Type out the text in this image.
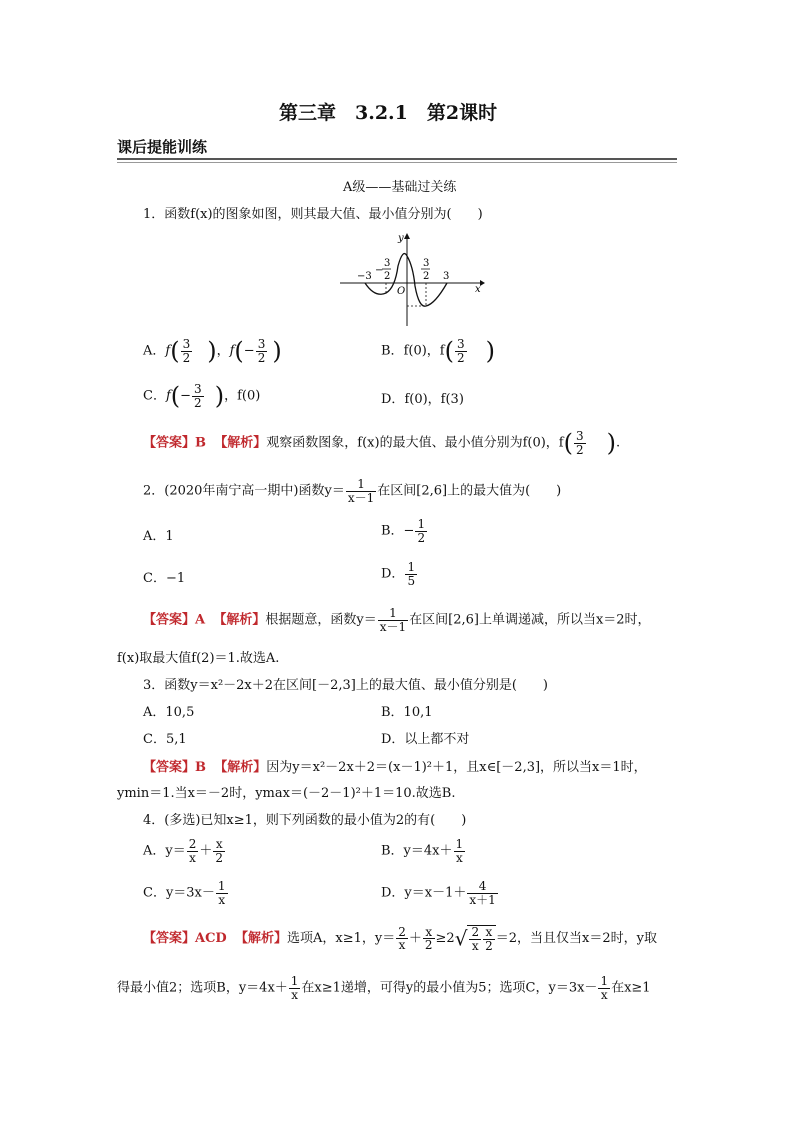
第三章　3.2.1　第2课时
课后提能训练
A级——基础过关练
1．函数f(x)的图象如图，则其最大值、最小值分别为(　　)
y
x
O
−3	3
−
3
2
3
2
A．$f( \frac{3}{2}$ )，$f(- \frac{3}{2}$ )	B．f(0)，$f( \frac{3}{2}$ )
C．$f(- \frac{3}{2}$ )，f(0)	D．f(0)，f(3)
【答案】B 【解析】观察函数图象，f(x)的最大值、最小值分别为f(0)，$f( \frac{3}{2}$ ).
2．(2020年南宁高一期中)函数$y= \frac{1}{x-1}$ 在区间[2,6]上的最大值为(　　)
A．1	B．− $\frac{1}{2}$
C．−1	D． $\frac{1}{5}$
【答案】A 【解析】根据题意，函数$y= \frac{1}{x-1}$ 在区间[2,6]上单调递减，所以当x＝2时，
f(x)取最大值f(2)＝1.故选A.
3．函数y＝x²－2x＋2在区间[－2,3]上的最大值、最小值分别是(　　)
A．10,5	B．10,1
C．5,1	D．以上都不对
【答案】B 【解析】因为y＝x²－2x＋2＝(x－1)²＋1，且x∈[－2,3]，所以当x＝1时，
ymin＝1.当x＝－2时，ymax＝(－2－1)²＋1＝10.故选B.
4．(多选)已知x≥1，则下列函数的最小值为2的有(　　)
A．$y= \frac{2}{x} + \frac{x}{2}$	B．$y=4x+ \frac{1}{x}$
C．$y=3x- \frac{1}{x}$	D．$y=x-1+ \frac{4}{x+1}$
【答案】ACD 【解析】选项A，x≥1，$y= \frac{2}{x} + \frac{x}{2} \ge 2√ \frac{2}{x} \frac{x}{2} =2$，当且仅当x＝2时，y取
得最小值2；选项B，$y=4x+ \frac{1}{x}$ 在x≥1递增，可得y的最小值为5；选项C，$y=3x- \frac{1}{x}$ 在x≥1
